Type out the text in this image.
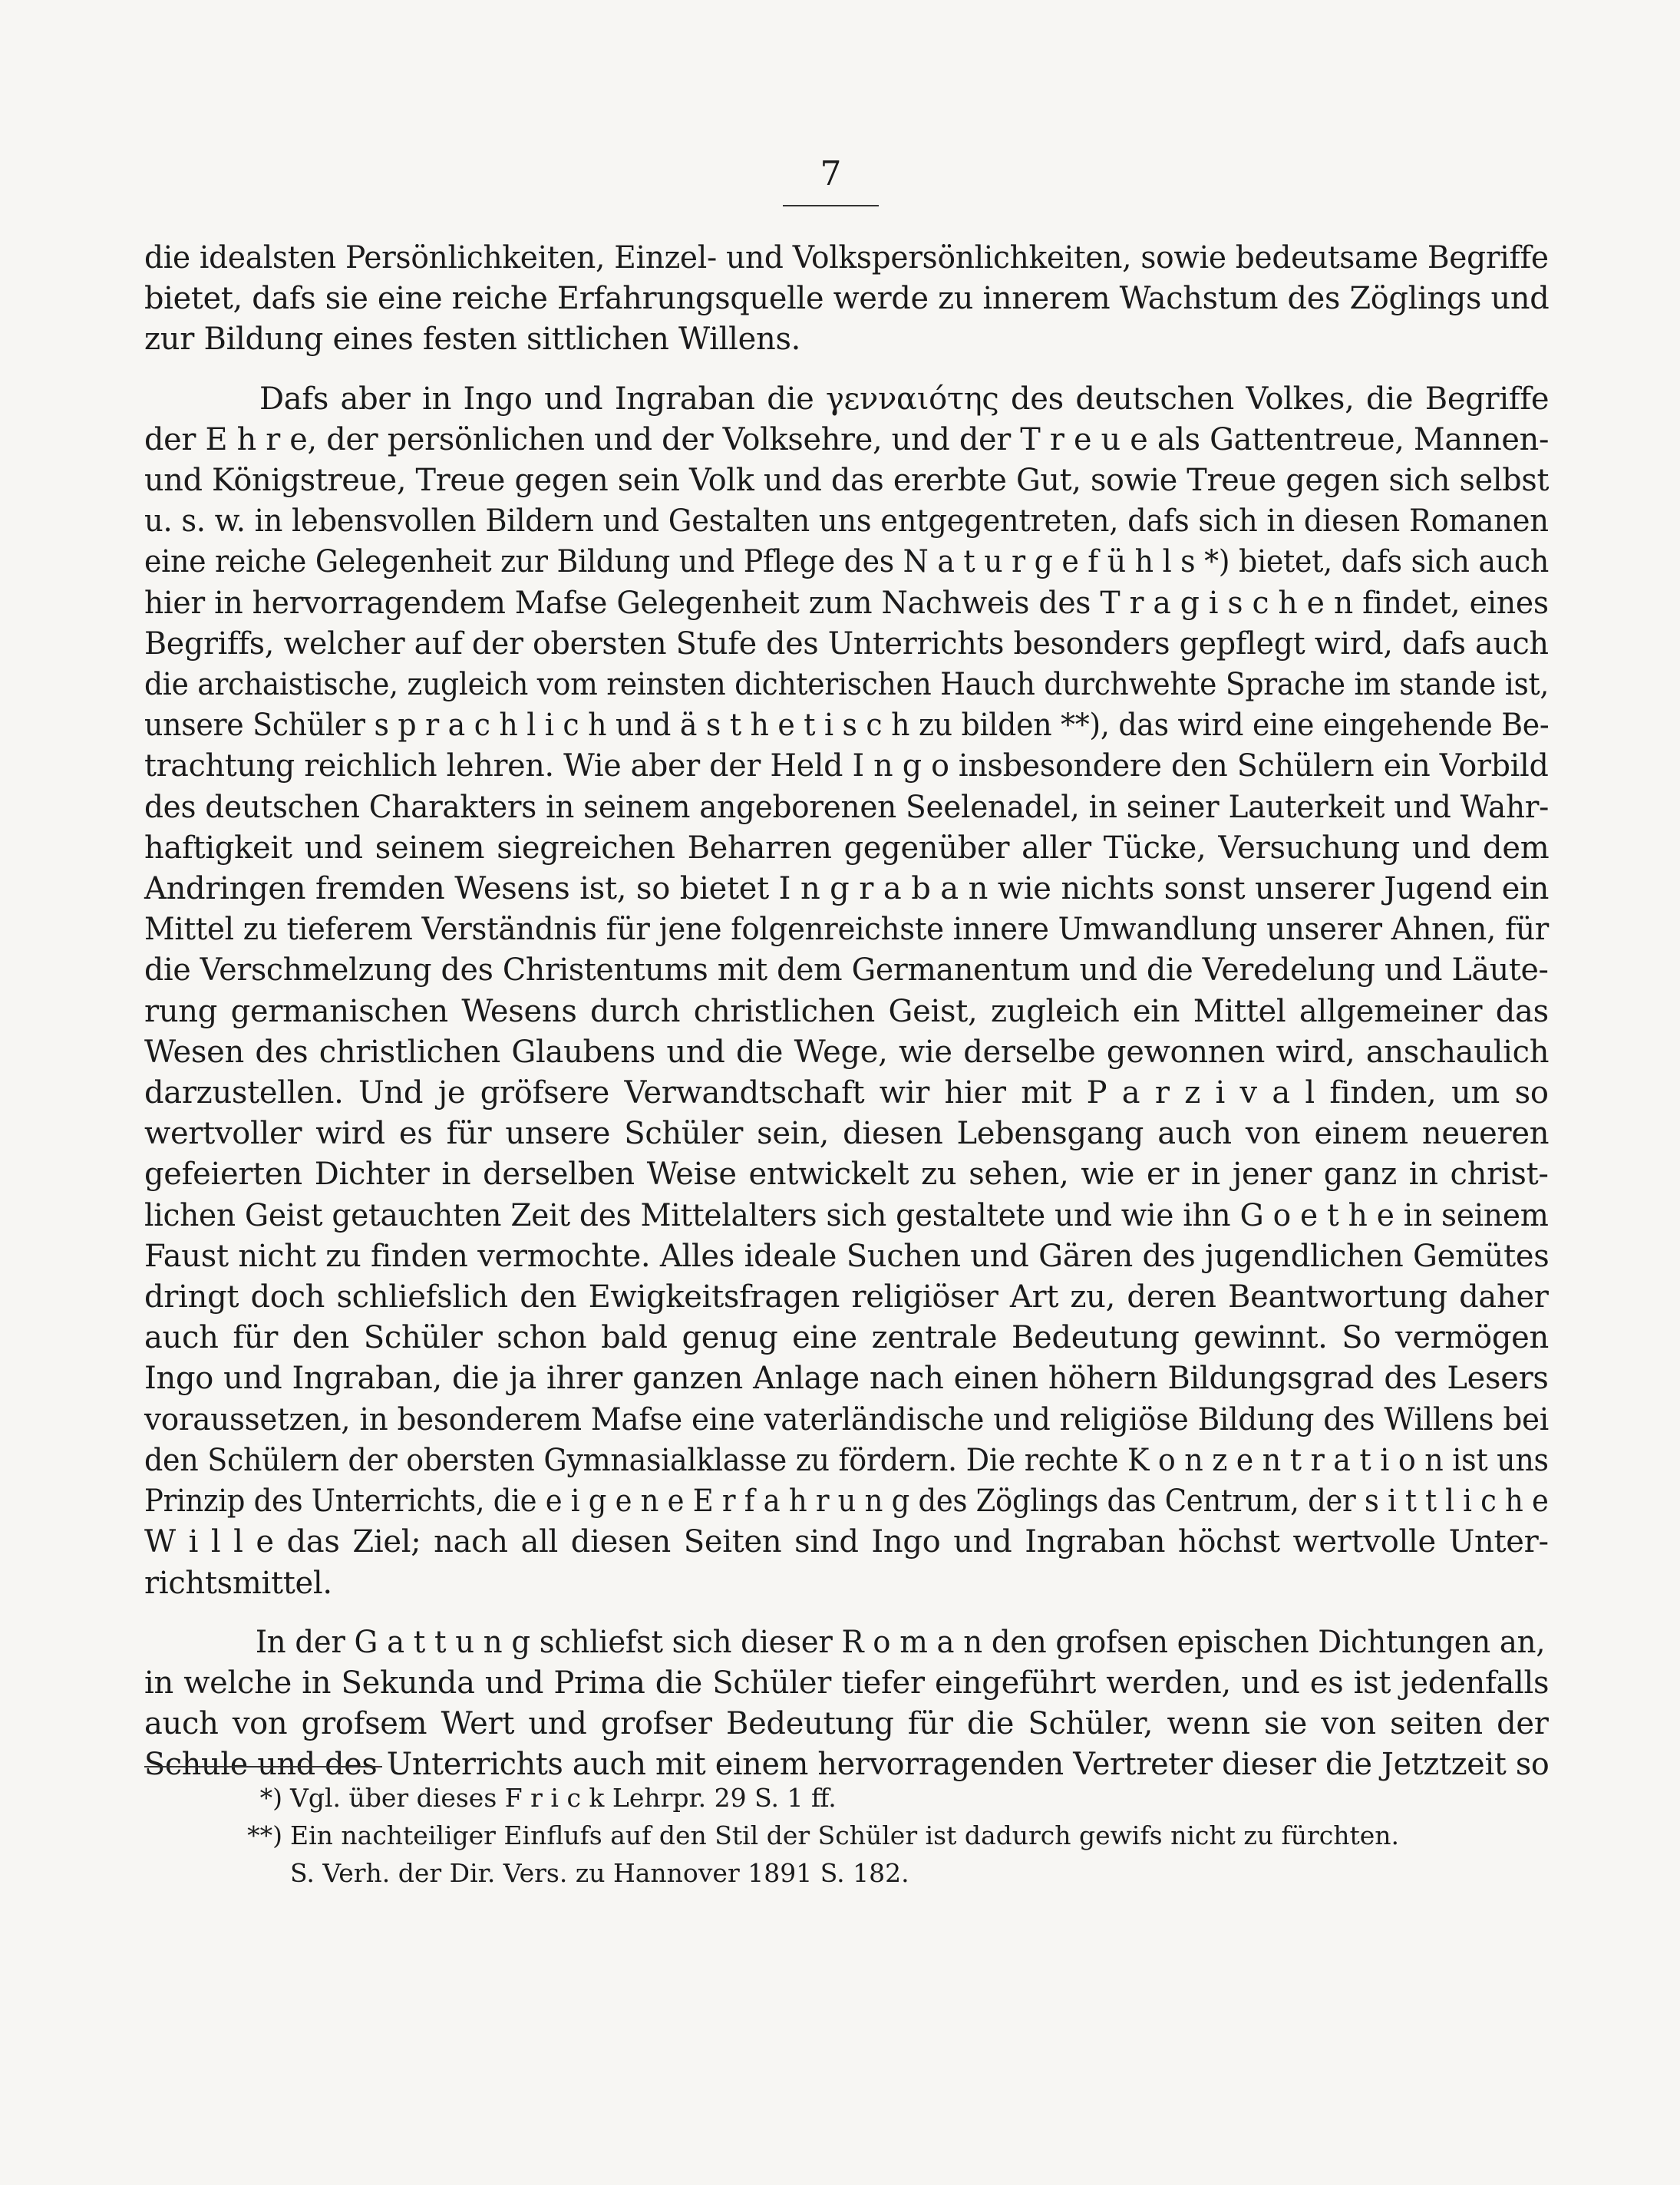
7

die idealsten Persönlichkeiten, Einzel- und Volkspersönlichkeiten, sowie bedeutsame Begriffe
bietet, dafs sie eine reiche Erfahrungsquelle werde zu innerem Wachstum des Zöglings und
zur Bildung eines festen sittlichen Willens.

Dafs aber in Ingo und Ingraban die γενναιότης des deutschen Volkes, die Begriffe
der E h r e, der persönlichen und der Volksehre, und der T r e u e als Gattentreue, Mannen-
und Königstreue, Treue gegen sein Volk und das ererbte Gut, sowie Treue gegen sich selbst
u. s. w. in lebensvollen Bildern und Gestalten uns entgegentreten, dafs sich in diesen Romanen
eine reiche Gelegenheit zur Bildung und Pflege des N a t u r g e f ü h l s *) bietet, dafs sich auch
hier in hervorragendem Mafse Gelegenheit zum Nachweis des T r a g i s c h e n findet, eines
Begriffs, welcher auf der obersten Stufe des Unterrichts besonders gepflegt wird, dafs auch
die archaistische, zugleich vom reinsten dichterischen Hauch durchwehte Sprache im stande ist,
unsere Schüler s p r a c h l i c h und ä s t h e t i s c h zu bilden **), das wird eine eingehende Be-
trachtung reichlich lehren. Wie aber der Held I n g o insbesondere den Schülern ein Vorbild
des deutschen Charakters in seinem angeborenen Seelenadel, in seiner Lauterkeit und Wahr-
haftigkeit und seinem siegreichen Beharren gegenüber aller Tücke, Versuchung und dem
Andringen fremden Wesens ist, so bietet I n g r a b a n wie nichts sonst unserer Jugend ein
Mittel zu tieferem Verständnis für jene folgenreichste innere Umwandlung unserer Ahnen, für
die Verschmelzung des Christentums mit dem Germanentum und die Veredelung und Läute-
rung germanischen Wesens durch christlichen Geist, zugleich ein Mittel allgemeiner das
Wesen des christlichen Glaubens und die Wege, wie derselbe gewonnen wird, anschaulich
darzustellen. Und je gröfsere Verwandtschaft wir hier mit P a r z i v a l finden, um so
wertvoller wird es für unsere Schüler sein, diesen Lebensgang auch von einem neueren
gefeierten Dichter in derselben Weise entwickelt zu sehen, wie er in jener ganz in christ-
lichen Geist getauchten Zeit des Mittelalters sich gestaltete und wie ihn G o e t h e in seinem
Faust nicht zu finden vermochte. Alles ideale Suchen und Gären des jugendlichen Gemütes
dringt doch schliefslich den Ewigkeitsfragen religiöser Art zu, deren Beantwortung daher
auch für den Schüler schon bald genug eine zentrale Bedeutung gewinnt. So vermögen
Ingo und Ingraban, die ja ihrer ganzen Anlage nach einen höhern Bildungsgrad des Lesers
voraussetzen, in besonderem Mafse eine vaterländische und religiöse Bildung des Willens bei
den Schülern der obersten Gymnasialklasse zu fördern. Die rechte K o n z e n t r a t i o n ist uns
Prinzip des Unterrichts, die e i g e n e E r f a h r u n g des Zöglings das Centrum, der s i t t l i c h e
W i l l e das Ziel; nach all diesen Seiten sind Ingo und Ingraban höchst wertvolle Unter-
richtsmittel.

In der G a t t u n g schliefst sich dieser R o m a n den grofsen epischen Dichtungen an,
in welche in Sekunda und Prima die Schüler tiefer eingeführt werden, und es ist jedenfalls
auch von grofsem Wert und grofser Bedeutung für die Schüler, wenn sie von seiten der
Schule und des Unterrichts auch mit einem hervorragenden Vertreter dieser die Jetztzeit so

*) Vgl. über dieses F r i c k Lehrpr. 29 S. 1 ff.

**) Ein nachteiliger Einflufs auf den Stil der Schüler ist dadurch gewifs nicht zu fürchten.
S. Verh. der Dir. Vers. zu Hannover 1891 S. 182.
